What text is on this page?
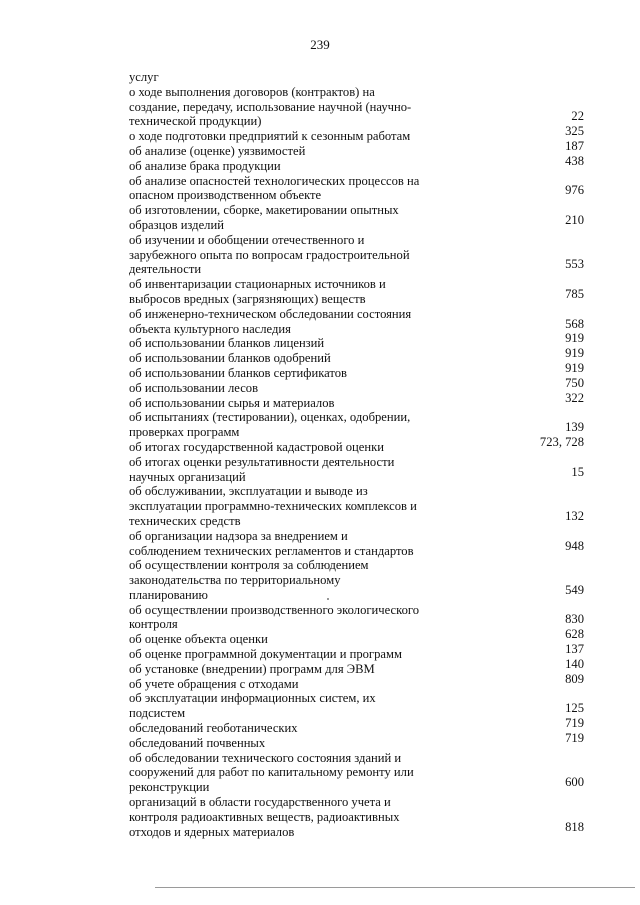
239
услуг
о ходе выполнения договоров (контрактов) на
создание, передачу, использование научной (научно-
технической продукции)	22
о ходе подготовки предприятий к сезонным работам	325
об анализе (оценке) уязвимостей	187
об анализе брака продукции	438
об анализе опасностей технологических процессов на
опасном производственном объекте	976
об изготовлении, сборке, макетировании опытных
образцов изделий	210
об изучении и обобщении отечественного и
зарубежного опыта по вопросам градостроительной
деятельности	553
об инвентаризации стационарных источников и
выбросов вредных (загрязняющих) веществ	785
об инженерно-техническом обследовании состояния
объекта культурного наследия	568
об использовании бланков лицензий	919
об использовании бланков одобрений	919
об использовании бланков сертификатов	919
об использовании лесов	750
об использовании сырья и материалов	322
об испытаниях (тестировании), оценках, одобрении,
проверках программ	139
об итогах государственной кадастровой оценки	723, 728
об итогах оценки результативности деятельности
научных организаций	15
об обслуживании, эксплуатации и выводе из
эксплуатации программно-технических комплексов и
технических средств	132
об организации надзора за внедрением и
соблюдением технических регламентов и стандартов	948
об осуществлении контроля за соблюдением
законодательства по территориальному
планированию	549
об осуществлении производственного экологического
контроля	830
об оценке объекта оценки	628
об оценке программной документации и программ	137
об установке (внедрении) программ для ЭВМ	140
об учете обращения с отходами	809
об эксплуатации информационных систем, их
подсистем	125
обследований геоботанических	719
обследований почвенных	719
об обследовании технического состояния зданий и
сооружений для работ по капитальному ремонту или
реконструкции	600
организаций в области государственного учета и
контроля радиоактивных веществ, радиоактивных
отходов и ядерных материалов	818
